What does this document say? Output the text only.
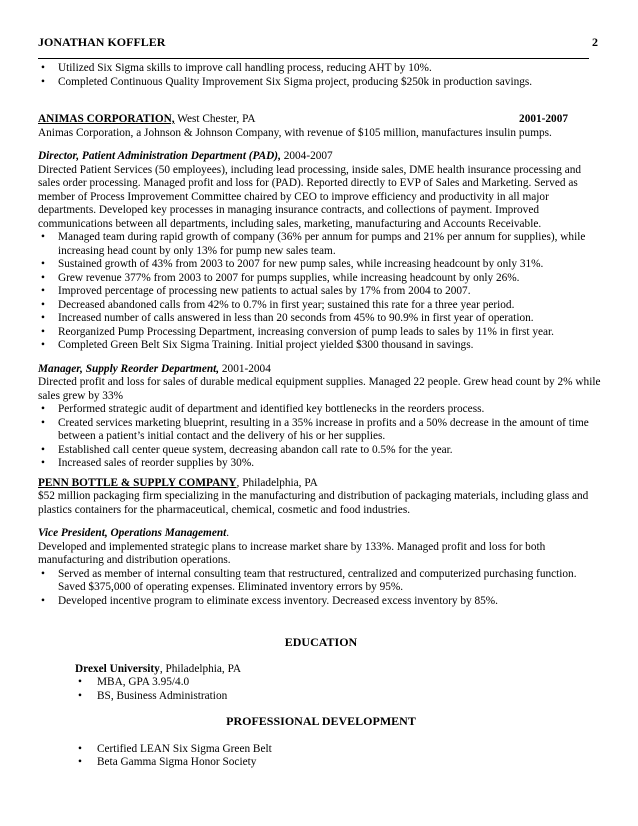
JONATHAN KOFFLER	2
• Utilized Six Sigma skills to improve call handling process, reducing AHT by 10%.
• Completed Continuous Quality Improvement Six Sigma project, producing $250k in production savings.
ANIMAS CORPORATION, West Chester, PA	2001-2007
Animas Corporation, a Johnson & Johnson Company, with revenue of $105 million, manufactures insulin pumps.
Director, Patient Administration Department (PAD), 2004-2007
Directed Patient Services (50 employees), including lead processing, inside sales, DME health insurance processing and sales order processing. Managed profit and loss for (PAD). Reported directly to EVP of Sales and Marketing. Served as member of Process Improvement Committee chaired by CEO to improve efficiency and productivity in all major departments. Developed key processes in managing insurance contracts, and collections of payment. Improved communications between all departments, including sales, marketing, manufacturing and Accounts Receivable.
• Managed team during rapid growth of company (36% per annum for pumps and 21% per annum for supplies), while increasing head count by only 13% for pump new sales team.
• Sustained growth of 43% from 2003 to 2007 for new pump sales, while increasing headcount by only 31%.
• Grew revenue 377% from 2003 to 2007 for pumps supplies, while increasing headcount by only 26%.
• Improved percentage of processing new patients to actual sales by 17% from 2004 to 2007.
• Decreased abandoned calls from 42% to 0.7% in first year; sustained this rate for a three year period.
• Increased number of calls answered in less than 20 seconds from 45% to 90.9% in first year of operation.
• Reorganized Pump Processing Department, increasing conversion of pump leads to sales by 11% in first year.
• Completed Green Belt Six Sigma Training. Initial project yielded $300 thousand in savings.
Manager, Supply Reorder Department, 2001-2004
Directed profit and loss for sales of durable medical equipment supplies. Managed 22 people. Grew head count by 2% while sales grew by 33%
• Performed strategic audit of department and identified key bottlenecks in the reorders process.
• Created services marketing blueprint, resulting in a 35% increase in profits and a 50% decrease in the amount of time between a patient’s initial contact and the delivery of his or her supplies.
• Established call center queue system, decreasing abandon call rate to 0.5% for the year.
• Increased sales of reorder supplies by 30%.
PENN BOTTLE & SUPPLY COMPANY, Philadelphia, PA
$52 million packaging firm specializing in the manufacturing and distribution of packaging materials, including glass and plastics containers for the pharmaceutical, chemical, cosmetic and food industries.
Vice President, Operations Management.
Developed and implemented strategic plans to increase market share by 133%. Managed profit and loss for both manufacturing and distribution operations.
• Served as member of internal consulting team that restructured, centralized and computerized purchasing function. Saved $375,000 of operating expenses. Eliminated inventory errors by 95%.
• Developed incentive program to eliminate excess inventory. Decreased excess inventory by 85%.
EDUCATION
Drexel University, Philadelphia, PA
• MBA, GPA 3.95/4.0
• BS, Business Administration
PROFESSIONAL DEVELOPMENT
• Certified LEAN Six Sigma Green Belt
• Beta Gamma Sigma Honor Society
